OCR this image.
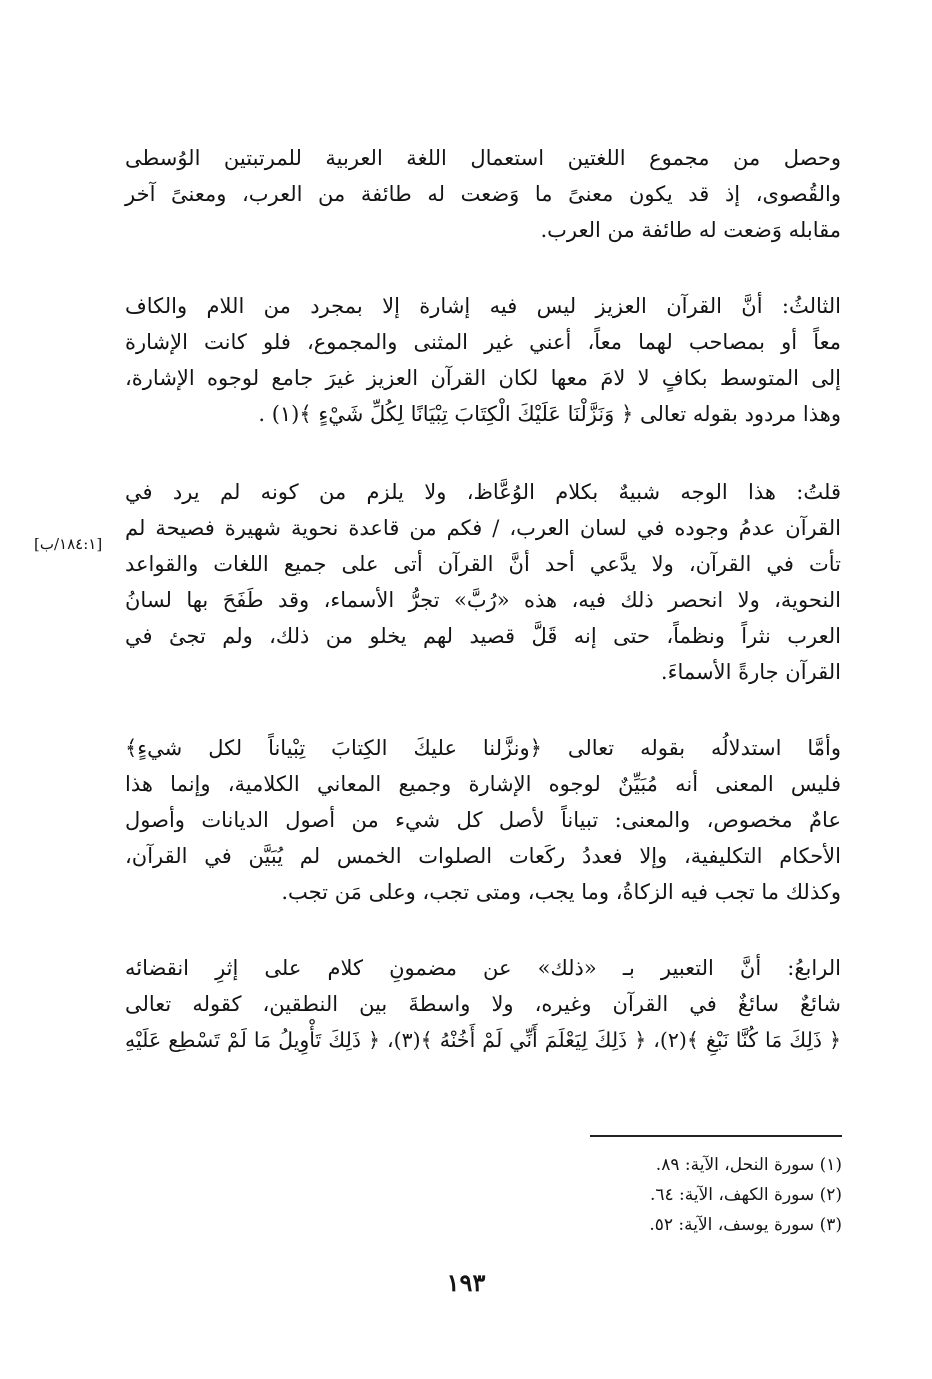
وحصل من مجموع اللغتين استعمال اللغة العربية للمرتبتين الوُسطى
والقُصوى، إذ قد يكون معنىً ما وَضعت له طائفة من العرب، ومعنىً آخر
مقابله وَضعت له طائفة من العرب.
الثالثُ: أنَّ القرآن العزيز ليس فيه إشارة إلا بمجرد من اللام والكاف
معاً أو بمصاحب لهما معاً، أعني غير المثنى والمجموع، فلو كانت الإشارة
إلى المتوسط بكافٍ لا لامَ معها لكان القرآن العزيز غيرَ جامع لوجوه الإشارة،
وهذا مردود بقوله تعالى ﴿ وَنَزَّلْنَا عَلَيْكَ الْكِتَابَ تِبْيَانًا لِكُلِّ شَيْءٍ ﴾(١) .
قلتُ: هذا الوجه شبيهٌ بكلام الوُعَّاظ، ولا يلزم من كونه لم يرد في
القرآن عدمُ وجوده في لسان العرب، / فكم من قاعدة نحوية شهيرة فصيحة لم
تأت في القرآن، ولا يدَّعي أحد أنَّ القرآن أتى على جميع اللغات والقواعد
النحوية، ولا انحصر ذلك فيه، هذه «رُبَّ» تجرُّ الأسماء، وقد طَفَحَ بها لسانُ
العرب نثراً ونظماً، حتى إنه قَلَّ قصيد لهم يخلو من ذلك، ولم تجئ في
القرآن جارةً الأسماءَ.
وأمَّا استدلالُه بقوله تعالى ﴿ونزَّلنا عليكَ الكِتابَ تِبْياناً لكل شيءٍ﴾
فليس المعنى أنه مُبَيِّنٌ لوجوه الإشارة وجميع المعاني الكلامية، وإنما هذا
عامٌ مخصوص، والمعنى: تبياناً لأصل كل شيء من أصول الديانات وأصول
الأحكام التكليفية، وإلا فعددُ ركَعات الصلوات الخمس لم يُبَيَّن في القرآن،
وكذلك ما تجب فيه الزكاةُ، وما يجب، ومتى تجب، وعلى مَن تجب.
الرابعُ: أنَّ التعبير بـ «ذلك» عن مضمونِ كلام على إثرِ انقضائه
شائعٌ سائغٌ في القرآن وغيره، ولا واسطةَ بين النطقين، كقوله تعالى
﴿ ذَلِكَ مَا كُنَّا نَبْغِ ﴾(٢)، ﴿ ذَلِكَ لِيَعْلَمَ أَنِّي لَمْ أَخُنْهُ ﴾(٣)، ﴿ ذَلِكَ تَأْوِيلُ مَا لَمْ تَسْطِع عَلَيْهِ
[١٨٤:١/ب]
(١) سورة النحل، الآية: ٨٩.
(٢) سورة الكهف، الآية: ٦٤.
(٣) سورة يوسف، الآية: ٥٢.
١٩٣
